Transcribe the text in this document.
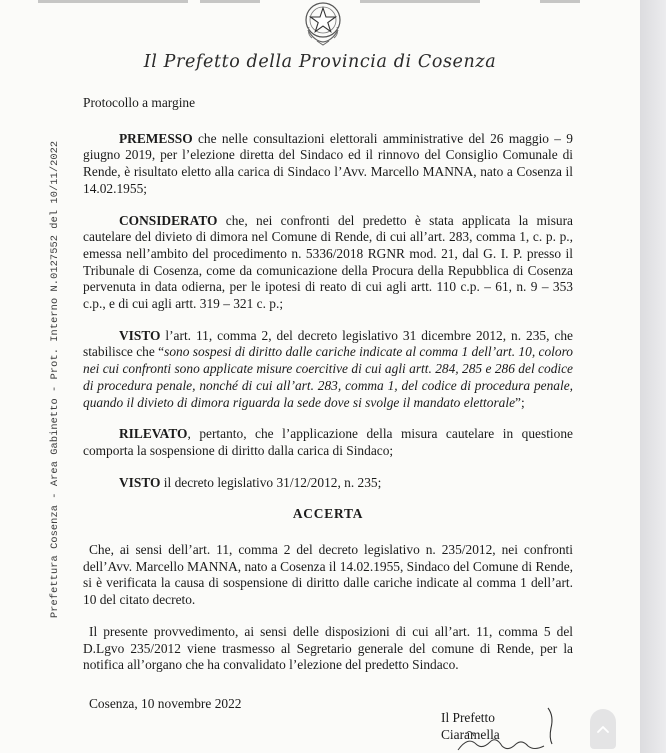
Il Prefetto della Provincia di Cosenza
Prefettura Cosenza - Area Gabinetto - Prot. Interno N.0127552 del 10/11/2022

Protocollo a margine

PREMESSO che nelle consultazioni elettorali amministrative del 26 maggio – 9 giugno 2019, per l’elezione diretta del Sindaco ed il rinnovo del Consiglio Comunale di Rende, è risultato eletto alla carica di Sindaco l’Avv. Marcello MANNA, nato a Cosenza il 14.02.1955;

CONSIDERATO che, nei confronti del predetto è stata applicata la misura cautelare del divieto di dimora nel Comune di Rende, di cui all’art. 283, comma 1, c. p. p., emessa nell’ambito del procedimento n. 5336/2018 RGNR mod. 21, dal G. I. P. presso il Tribunale di Cosenza, come da comunicazione della Procura della Repubblica di Cosenza pervenuta in data odierna, per le ipotesi di reato di cui agli artt. 110 c.p. – 61, n. 9 – 353 c.p., e di cui agli artt. 319 – 321 c. p.;

VISTO l’art. 11, comma 2, del decreto legislativo 31 dicembre 2012, n. 235, che stabilisce che “sono sospesi di diritto dalle cariche indicate al comma 1 dell’art. 10, coloro nei cui confronti sono applicate misure coercitive di cui agli artt. 284, 285 e 286 del codice di procedura penale, nonché di cui all’art. 283, comma 1, del codice di procedura penale, quando il divieto di dimora riguarda la sede dove si svolge il mandato elettorale”;

RILEVATO, pertanto, che l’applicazione della misura cautelare in questione comporta la sospensione di diritto dalla carica di Sindaco;

VISTO il decreto legislativo 31/12/2012, n. 235;

ACCERTA

Che, ai sensi dell’art. 11, comma 2 del decreto legislativo n. 235/2012, nei confronti dell’Avv. Marcello MANNA, nato a Cosenza il 14.02.1955, Sindaco del Comune di Rende, si è verificata la causa di sospensione di diritto dalle cariche indicate al comma 1 dell’art. 10 del citato decreto.

Il presente provvedimento, ai sensi delle disposizioni di cui all’art. 11, comma 5 del D.Lgvo 235/2012 viene trasmesso al Segretario generale del comune di Rende, per la notifica all’organo che ha convalidato l’elezione del predetto Sindaco.

Cosenza, 10 novembre 2022
Il Prefetto
Ciaramella
